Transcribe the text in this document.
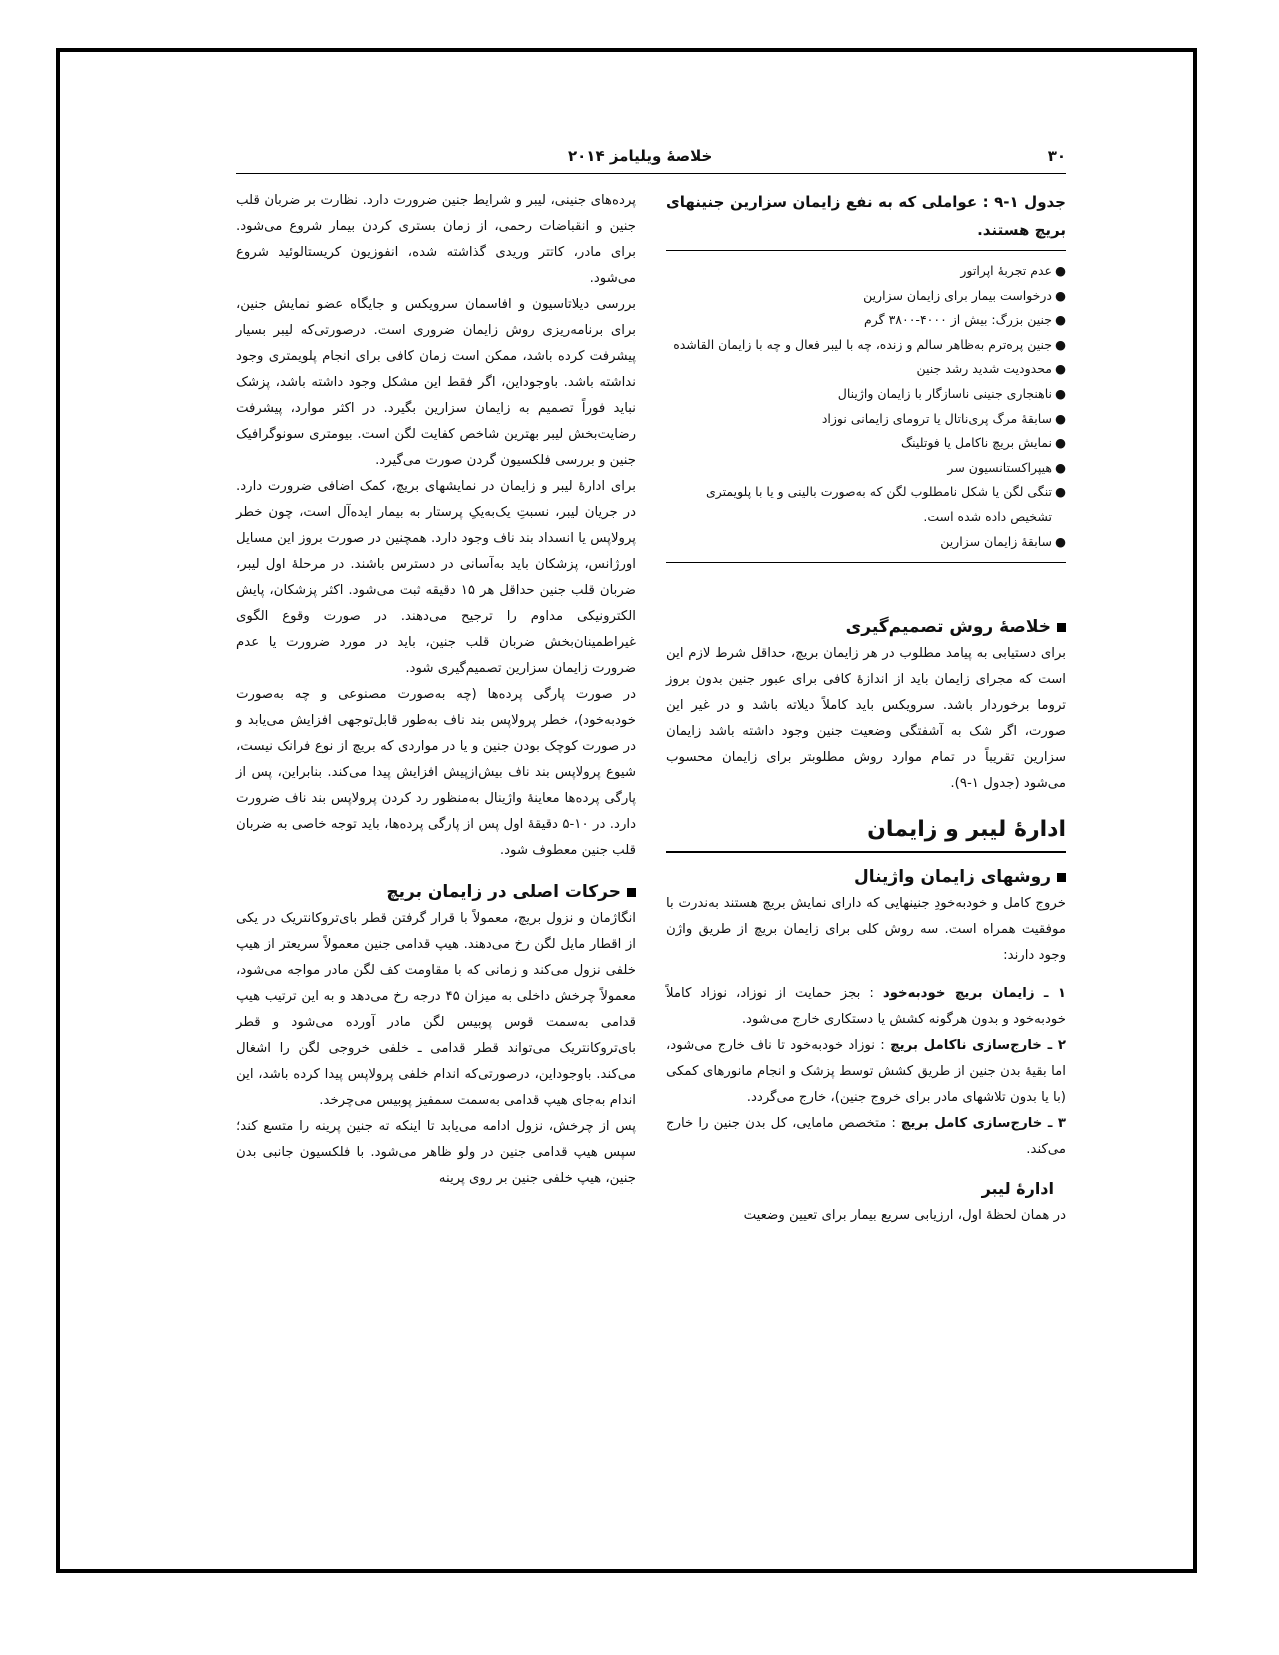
۳۰
خلاصهٔ ویلیامز ۲۰۱۴
جدول ۱-۹ : عواملی که به نفع زایمان سزارین جنینهای بریچ هستند.
●
عدم تجربهٔ اپراتور
●
درخواست بیمار برای زایمان سزارین
●
جنین بزرگ: بیش از ۴۰۰۰-۳۸۰۰ گرم
●
جنین پره‌ترم به‌ظاهر سالم و زنده، چه با لیبر فعال و چه با زایمان القاشده
●
محدودیت شدید رشد جنین
●
ناهنجاری جنینی ناسازگار با زایمان واژینال
●
سابقهٔ مرگ پری‌ناتال یا ترومای زایمانی نوزاد
●
نمایش بریچ ناکامل یا فوتلینگ
●
هیپراکستانسیون سر
●
تنگی لگن یا شکل نامطلوب لگن که به‌صورت بالینی و یا با پلویمتری تشخیص داده شده است.
●
سابقهٔ زایمان سزارین
خلاصهٔ روش تصمیم‌گیری

برای دستیابی به پیامد مطلوب در هر زایمان بریچ، حداقل شرط لازم این است که مجرای زایمان باید از اندازهٔ کافی برای عبور جنین بدون بروز تروما برخوردار باشد. سرویکس باید کاملاً دیلاته باشد و در غیر این صورت، اگر شک به آشفتگی وضعیت جنین وجود داشته باشد زایمان سزارین تقریباً در تمام موارد روش مطلوبتر برای زایمان محسوب می‌شود (جدول ۱-۹).

ادارهٔ لیبر و زایمان
روشهای زایمان واژینال

خروج کامل و خودبه‌خودِ جنینهایی که دارای نمایش بریچ هستند به‌ندرت با موفقیت همراه است. سه روش کلی برای زایمان بریچ از طریق واژن وجود دارند:

۱ ـ زایمان بریچ خودبه‌خود : بجز حمایت از نوزاد، نوزاد کاملاً خودبه‌خود و بدون هرگونه کشش یا دستکاری خارج می‌شود.

۲ ـ خارج‌سازی ناکامل بریچ : نوزاد خودبه‌خود تا ناف خارج می‌شود، اما بقیهٔ بدن جنین از طریق کشش توسط پزشک و انجام مانورهای کمکی (با یا بدون تلاشهای مادر برای خروج جنین)، خارج می‌گردد.

۳ ـ خارج‌سازی کامل بریچ : متخصص مامایی، کل بدن جنین را خارج می‌کند.

ادارهٔ لیبر

در همان لحظهٔ اول، ارزیابی سریع بیمار برای تعیین وضعیت

پرده‌های جنینی، لیبر و شرایط جنین ضرورت دارد. نظارت بر ضربان قلب جنین و انقباضات رحمی، از زمان بستری کردن بیمار شروع می‌شود. برای مادر، کاتتر وریدی گذاشته شده، انفوزیون کریستالوئید شروع می‌شود.

بررسی دیلاتاسیون و افاسمان سرویکس و جایگاه عضو نمایش جنین، برای برنامه‌ریزی روش زایمان ضروری است. درصورتی‌که لیبر بسیار پیشرفت کرده باشد، ممکن است زمان کافی برای انجام پلویمتری وجود نداشته باشد. باوجوداین، اگر فقط این مشکل وجود داشته باشد، پزشک نباید فوراً تصمیم به زایمان سزارین بگیرد. در اکثر موارد، پیشرفت رضایت‌بخش لیبر بهترین شاخص کفایت لگن است. بیومتری سونوگرافیک جنین و بررسی فلکسیون گردن صورت می‌گیرد.

برای ادارهٔ لیبر و زایمان در نمایشهای بریچ، کمک اضافی ضرورت دارد. در جریان لیبر، نسبتِ یک‌به‌یکِ پرستار به بیمار ایده‌آل است، چون خطر پرولاپس یا انسداد بند ناف وجود دارد. همچنین در صورت بروز این مسایل اورژانس، پزشکان باید به‌آسانی در دسترس باشند. در مرحلهٔ اول لیبر، ضربان قلب جنین حداقل هر ۱۵ دقیقه ثبت می‌شود. اکثر پزشکان، پایش الکترونیکی مداوم را ترجیح می‌دهند. در صورت وقوع الگوی غیراطمینان‌بخش ضربان قلب جنین، باید در مورد ضرورت یا عدم ضرورت زایمان سزارین تصمیم‌گیری شود.

در صورت پارگی پرده‌ها (چه به‌صورت مصنوعی و چه به‌صورت خودبه‌خود)، خطر پرولاپس بند ناف به‌طور قابل‌توجهی افزایش می‌یابد و در صورت کوچک بودن جنین و یا در مواردی که بریچ از نوع فرانک نیست، شیوع پرولاپس بند ناف بیش‌ازپیش افزایش پیدا می‌کند. بنابراین، پس از پارگی پرده‌ها معاینهٔ واژینال به‌منظور رد کردن پرولاپس بند ناف ضرورت دارد. در ۱۰-۵ دقیقهٔ اول پس از پارگی پرده‌ها، باید توجه خاصی به ضربان قلب جنین معطوف شود.

حرکات اصلی در زایمان بریچ

انگاژمان و نزول بریچ، معمولاً با قرار گرفتن قطر بای‌تروکانتریک در یکی از اقطار مایل لگن رخ می‌دهند. هیپ قدامی جنین معمولاً سریعتر از هیپ خلفی نزول می‌کند و زمانی که با مقاومت کف لگن مادر مواجه می‌شود، معمولاً چرخش داخلی به میزان ۴۵ درجه رخ می‌دهد و به این ترتیب هیپ قدامی به‌سمت قوس پوبیس لگن مادر آورده می‌شود و قطر بای‌تروکانتریک می‌تواند قطر قدامی ـ خلفی خروجی لگن را اشغال می‌کند. باوجوداین، درصورتی‌که اندام خلفی پرولاپس پیدا کرده باشد، این اندام به‌جای هیپ قدامی به‌سمت سمفیز پوبیس می‌چرخد.

پس از چرخش، نزول ادامه می‌یابد تا اینکه ته جنین پرینه را متسع کند؛ سپس هیپ قدامی جنین در ولو ظاهر می‌شود. با فلکسیون جانبی بدن جنین، هیپ خلفی جنین بر روی پرینه
